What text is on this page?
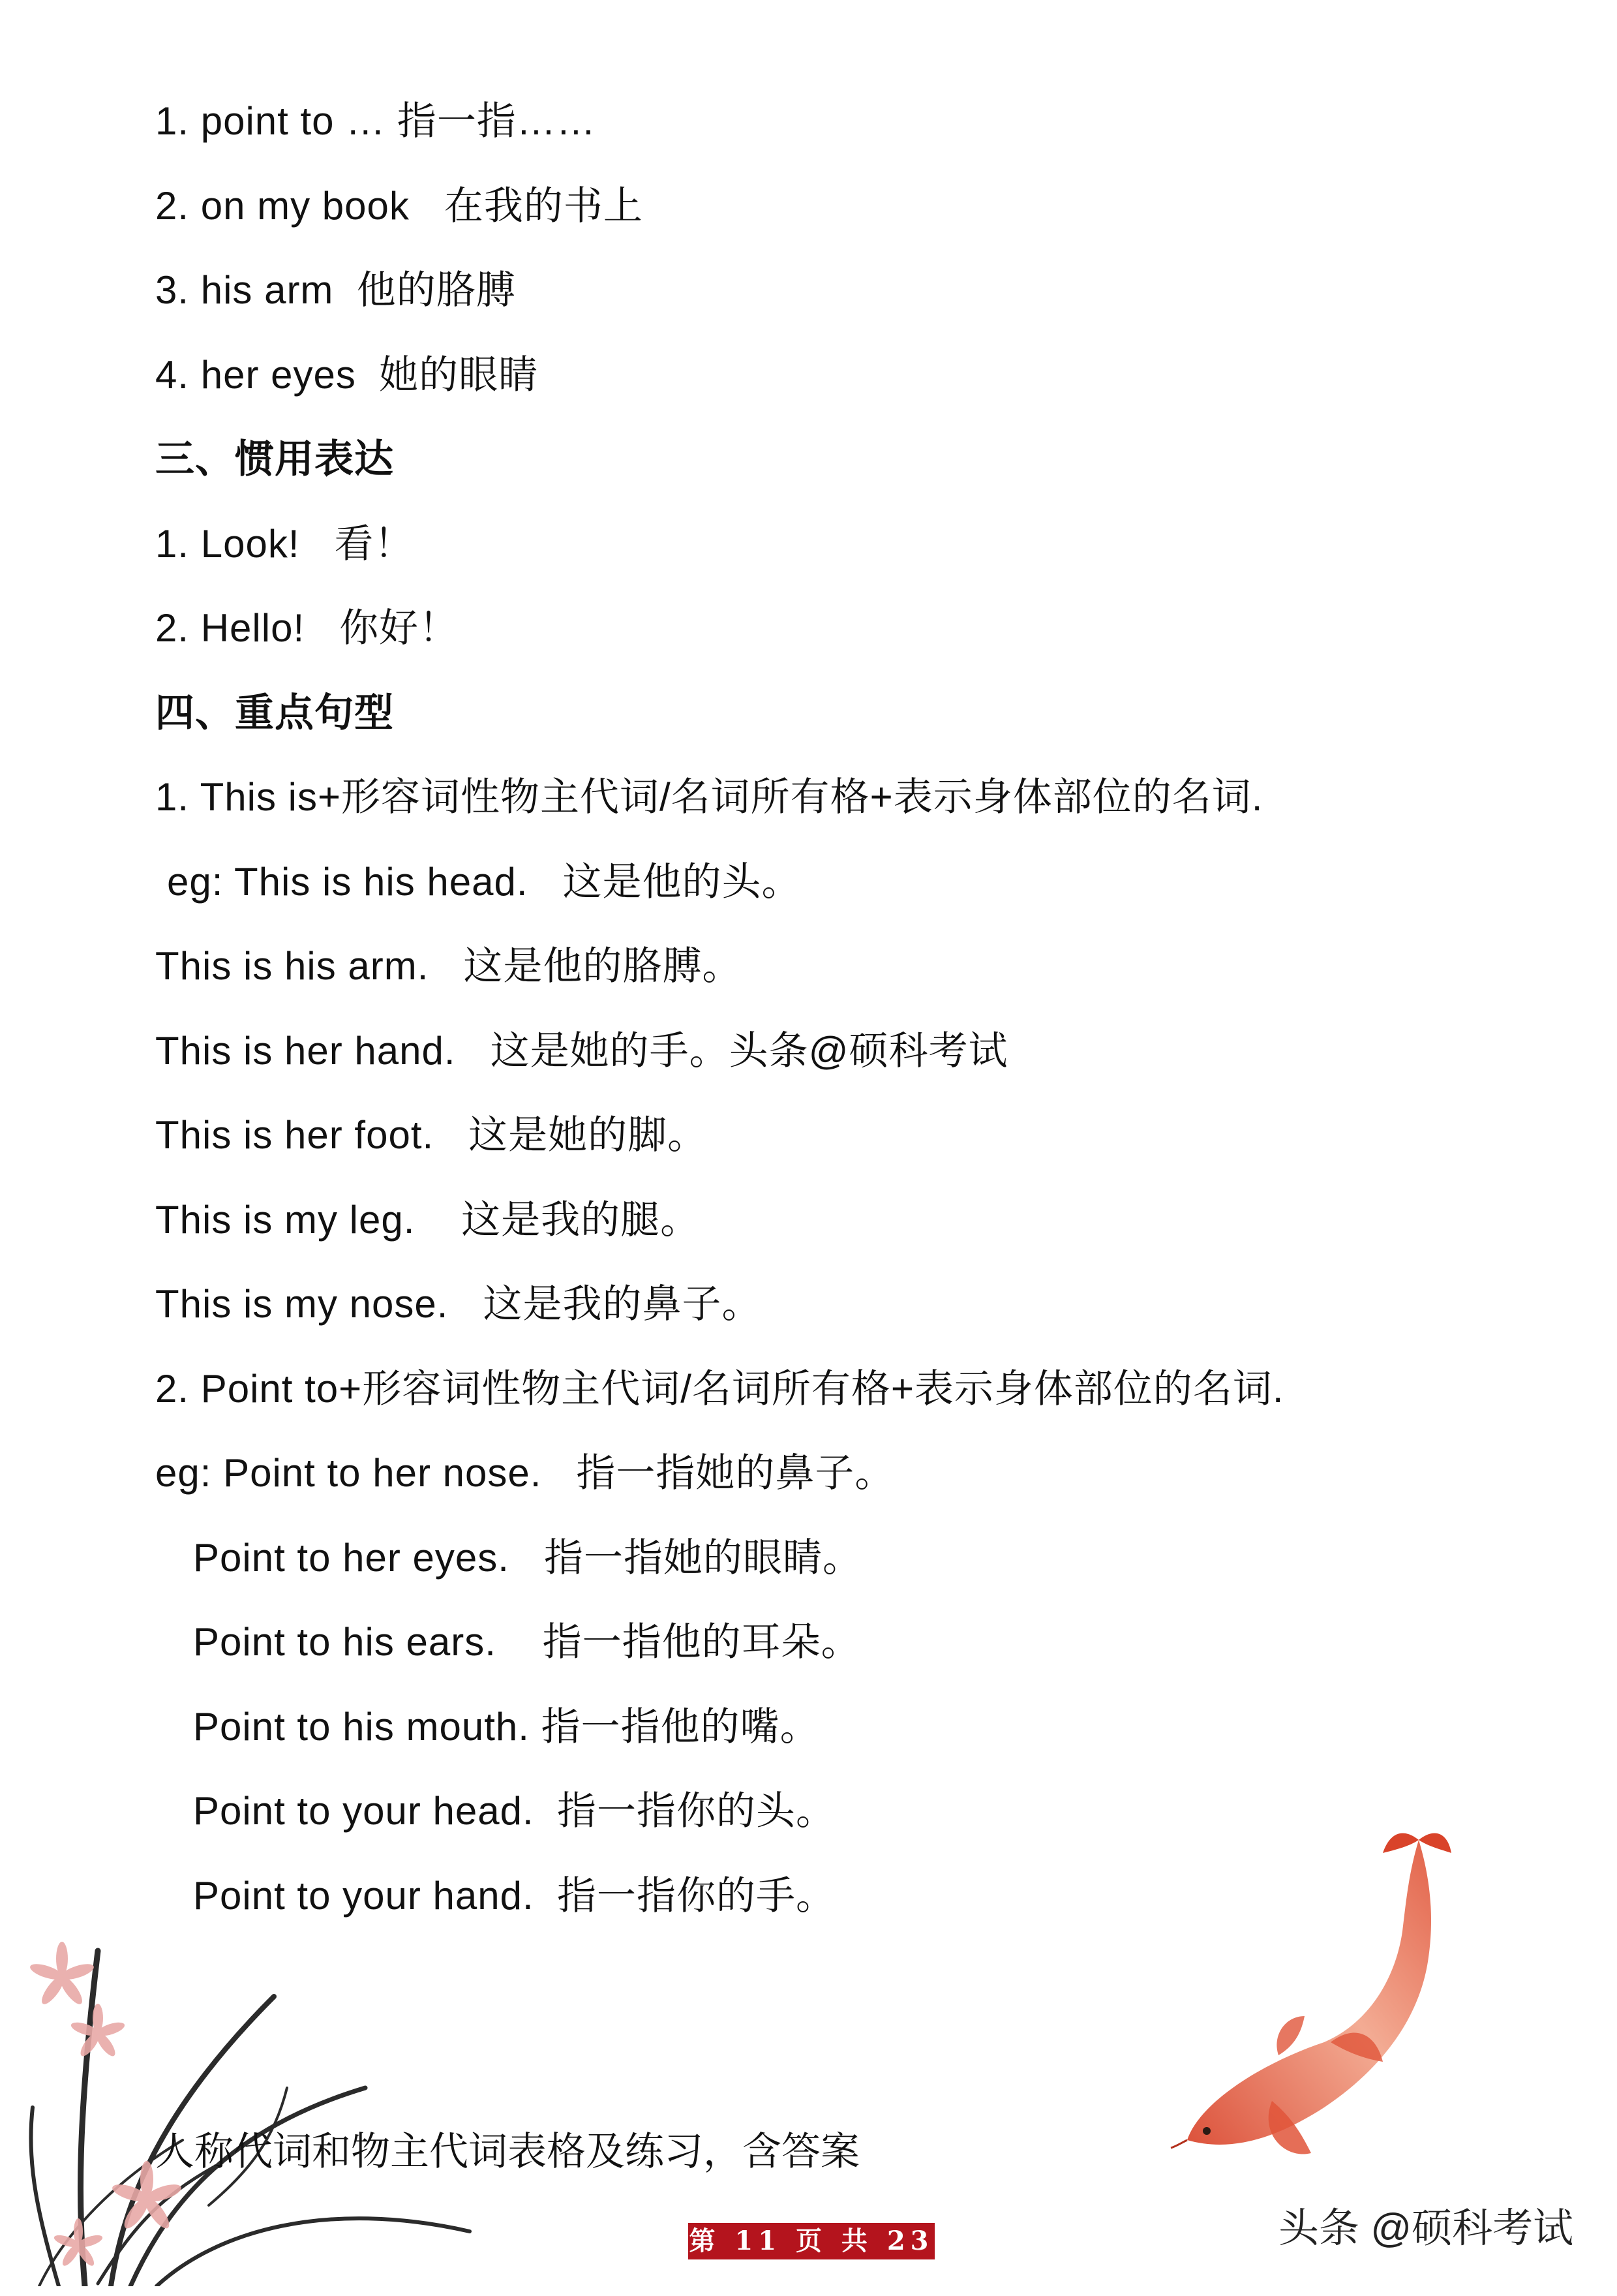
1. point to … 指一指……
2. on my book   在我的书上
3. his arm  他的胳膊
4. her eyes  她的眼睛
三、惯用表达
1. Look!   看！
2. Hello!   你好！
四、重点句型
1. This is+形容词性物主代词/名词所有格+表示身体部位的名词.
eg: This is his head.   这是他的头。
This is his arm.   这是他的胳膊。
This is her hand.   这是她的手。头条@硕科考试
This is her foot.   这是她的脚。
This is my leg.    这是我的腿。
This is my nose.   这是我的鼻子。
2. Point to+形容词性物主代词/名词所有格+表示身体部位的名词.
eg: Point to her nose.   指一指她的鼻子。
Point to her eyes.   指一指她的眼睛。
Point to his ears.    指一指他的耳朵。
Point to his mouth. 指一指他的嘴。
Point to your head.  指一指你的头。
Point to your hand.  指一指你的手。
人称代词和物主代词表格及练习，含答案
第 11 页 共 23 页
头条 @硕科考试
